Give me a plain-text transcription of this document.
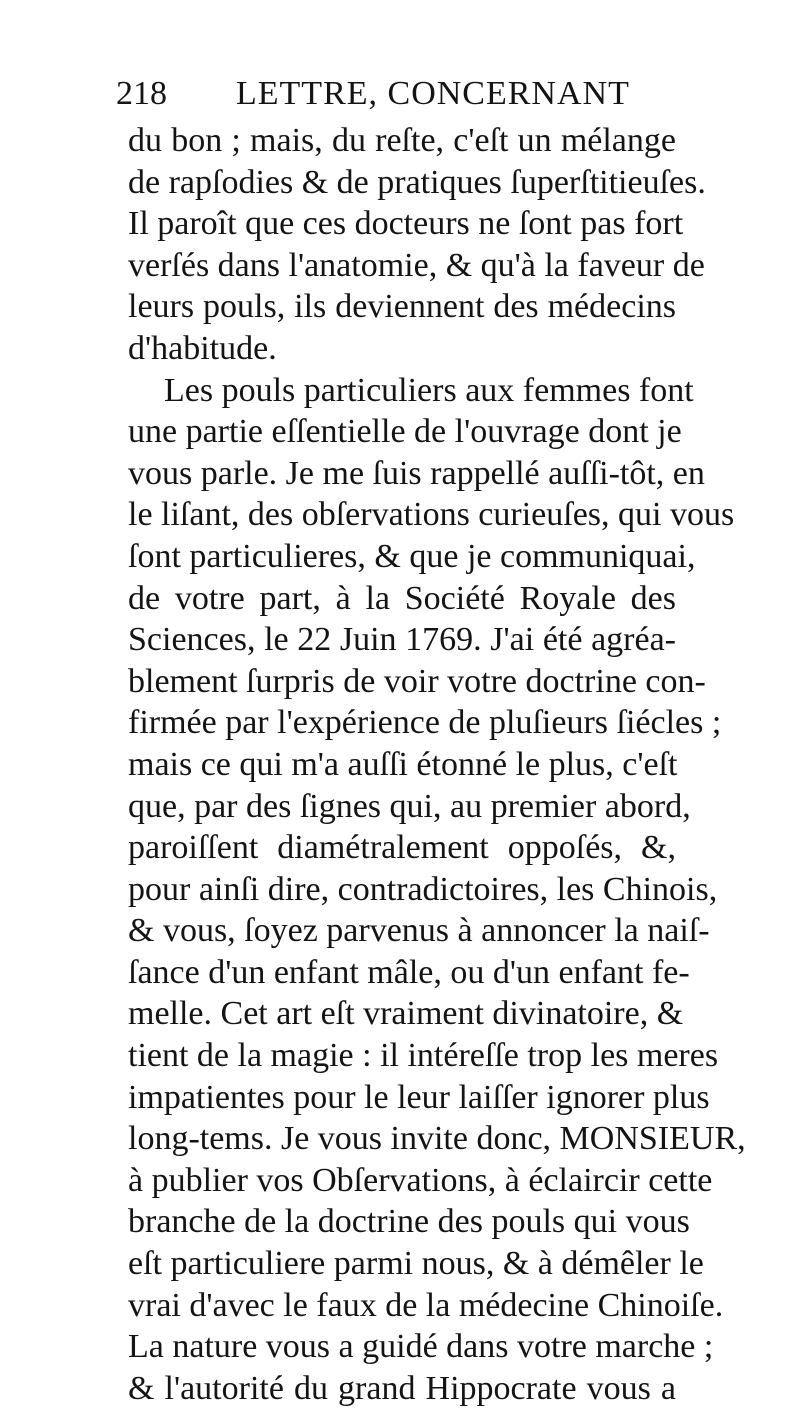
218 LETTRE, CONCERNANT
du bon ; mais, du reſte, c'eſt un mélange
de rapſodies & de pratiques ſuperſtitieuſes.
Il paroît que ces docteurs ne ſont pas fort
verſés dans l'anatomie, & qu'à la faveur de
leurs pouls, ils deviennent des médecins
d'habitude.
Les pouls particuliers aux femmes font
une partie eſſentielle de l'ouvrage dont je
vous parle. Je me ſuis rappellé auſſi-tôt, en
le liſant, des obſervations curieuſes, qui vous
ſont particulieres, & que je communiquai,
de votre part, à la Société Royale des
Sciences, le 22 Juin 1769. J'ai été agréa-
blement ſurpris de voir votre doctrine con-
firmée par l'expérience de pluſieurs ſiécles ;
mais ce qui m'a auſſi étonné le plus, c'eſt
que, par des ſignes qui, au premier abord,
paroiſſent diamétralement oppoſés, &,
pour ainſi dire, contradictoires, les Chinois,
& vous, ſoyez parvenus à annoncer la naiſ-
ſance d'un enfant mâle, ou d'un enfant fe-
melle. Cet art eſt vraiment divinatoire, &
tient de la magie : il intéreſſe trop les meres
impatientes pour le leur laiſſer ignorer plus
long-tems. Je vous invite donc, MONSIEUR,
à publier vos Obſervations, à éclaircir cette
branche de la doctrine des pouls qui vous
eſt particuliere parmi nous, & à démêler le
vrai d'avec le faux de la médecine Chinoiſe.
La nature vous a guidé dans votre marche ;
& l'autorité du grand Hippocrate vous a
